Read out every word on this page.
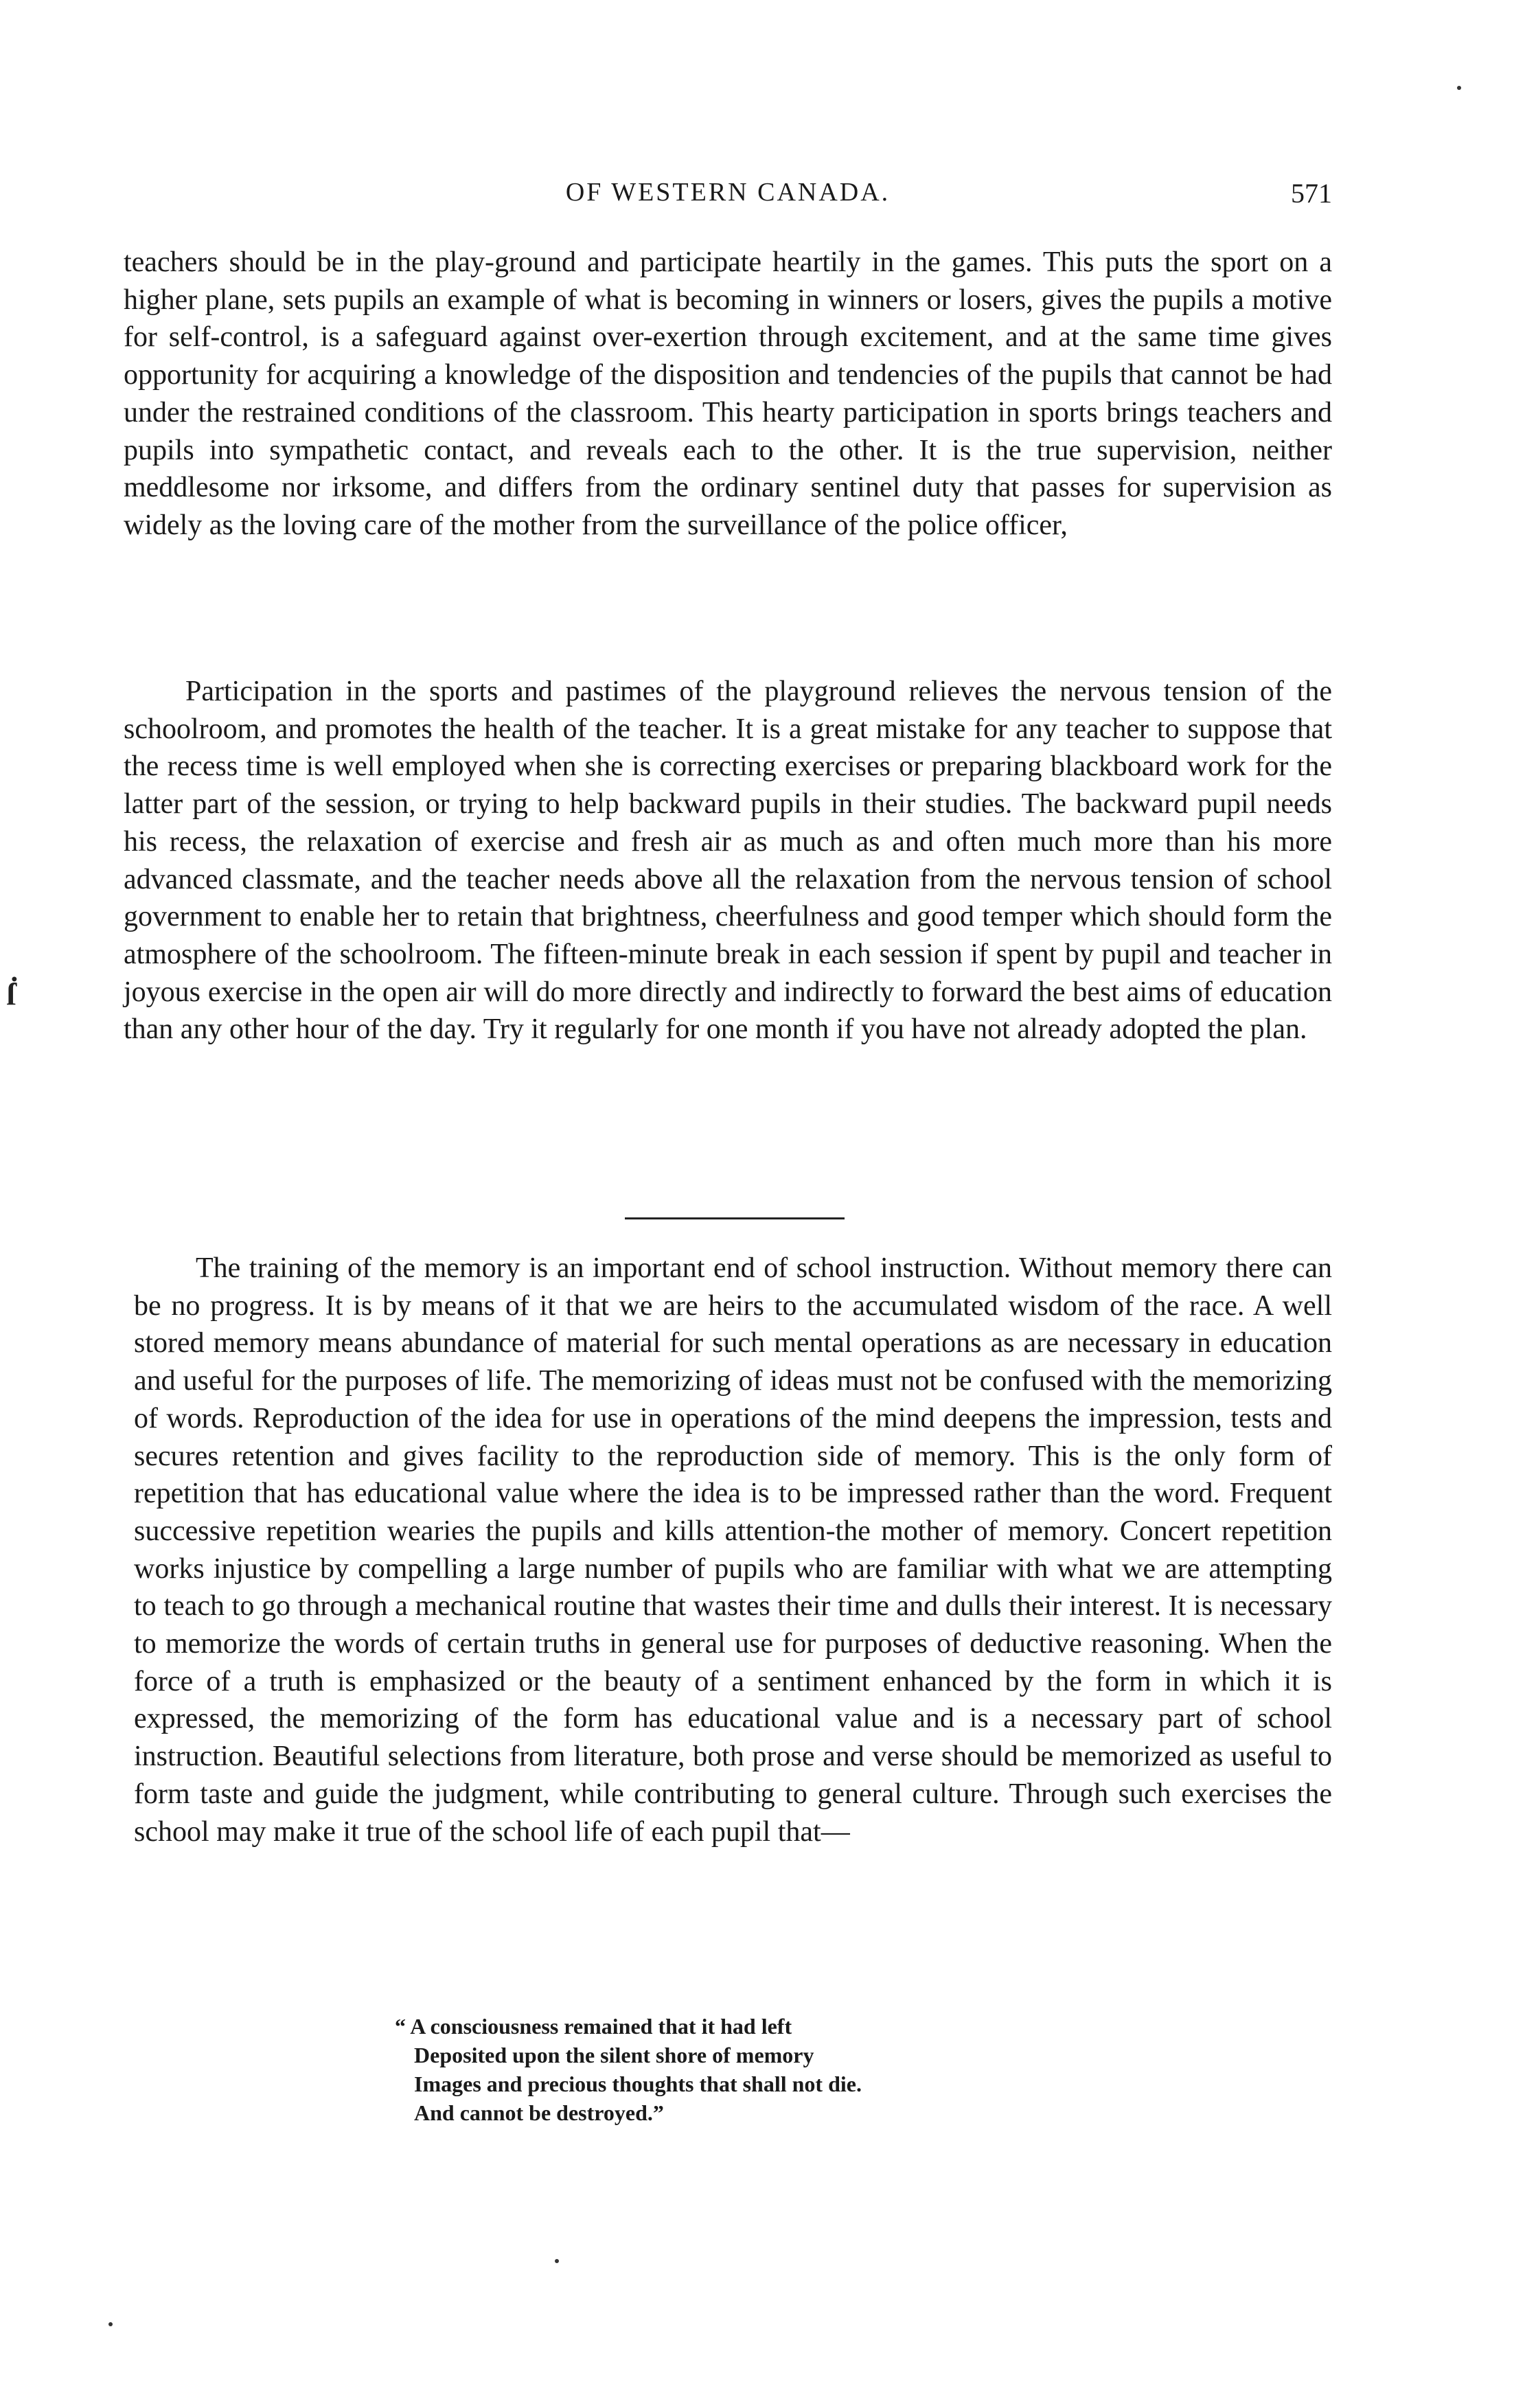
OF WESTERN CANADA.	571

teachers should be in the play-ground and participate heartily in the games. This puts the sport on a higher plane, sets pupils an example of what is becoming in winners or losers, gives the pupils a motive for self-control, is a safeguard against over-exertion through excitement, and at the same time gives opportunity for acquiring a knowledge of the disposition and tendencies of the pupils that cannot be had under the restrained conditions of the classroom. This hearty participation in sports brings teachers and pupils into sympathetic contact, and reveals each to the other. It is the true supervision, neither meddlesome nor irksome, and differs from the ordinary sentinel duty that passes for supervision as widely as the loving care of the mother from the surveillance of the police officer,

Participation in the sports and pastimes of the playground relieves the nervous tension of the schoolroom, and promotes the health of the teacher. It is a great mistake for any teacher to suppose that the recess time is well employed when she is correcting exercises or preparing blackboard work for the latter part of the session, or trying to help backward pupils in their studies. The backward pupil needs his recess, the relaxation of exercise and fresh air as much as and often much more than his more advanced classmate, and the teacher needs above all the relaxation from the nervous tension of school government to enable her to retain that brightness, cheerfulness and good temper which should form the atmosphere of the schoolroom. The fifteen-minute break in each session if spent by pupil and teacher in joyous exercise in the open air will do more directly and indirectly to forward the best aims of education than any other hour of the day. Try it regularly for one month if you have not already adopted the plan.

The training of the memory is an important end of school instruction. Without memory there can be no progress. It is by means of it that we are heirs to the accumulated wisdom of the race. A well stored memory means abundance of material for such mental operations as are necessary in education and useful for the purposes of life. The memorizing of ideas must not be confused with the memorizing of words. Reproduction of the idea for use in operations of the mind deepens the impression, tests and secures retention and gives facility to the reproduction side of memory. This is the only form of repetition that has educational value where the idea is to be impressed rather than the word. Frequent successive repetition wearies the pupils and kills attention-the mother of memory. Concert repetition works injustice by compelling a large number of pupils who are familiar with what we are attempting to teach to go through a mechanical routine that wastes their time and dulls their interest. It is necessary to memorize the words of certain truths in general use for purposes of deductive reasoning. When the force of a truth is emphasized or the beauty of a sentiment enhanced by the form in which it is expressed, the memorizing of the form has educational value and is a necessary part of school instruction. Beautiful selections from literature, both prose and verse should be memorized as useful to form taste and guide the judgment, while contributing to general culture. Through such exercises the school may make it true of the school life of each pupil that—

“ A consciousness remained that it had left
Deposited upon the silent shore of memory
Images and precious thoughts that shall not die.
And cannot be destroyed.”
ẛ
